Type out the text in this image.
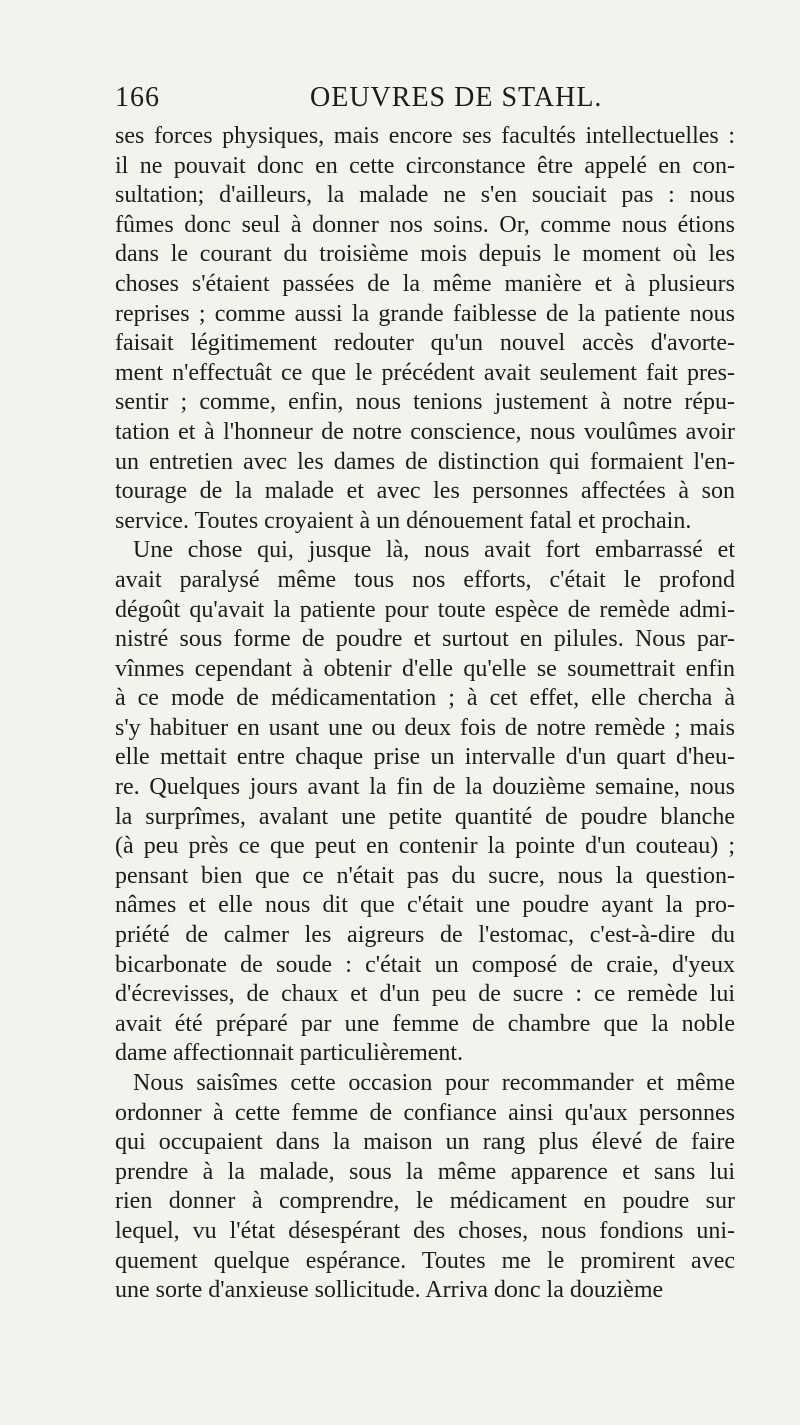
166	OEUVRES DE STAHL.
ses forces physiques, mais encore ses facultés intellectuelles :
il ne pouvait donc en cette circonstance être appelé en con-
sultation; d'ailleurs, la malade ne s'en souciait pas : nous
fûmes donc seul à donner nos soins. Or, comme nous étions
dans le courant du troisième mois depuis le moment où les
choses s'étaient passées de la même manière et à plusieurs
reprises ; comme aussi la grande faiblesse de la patiente nous
faisait légitimement redouter qu'un nouvel accès d'avorte-
ment n'effectuât ce que le précédent avait seulement fait pres-
sentir ; comme, enfin, nous tenions justement à notre répu-
tation et à l'honneur de notre conscience, nous voulûmes avoir
un entretien avec les dames de distinction qui formaient l'en-
tourage de la malade et avec les personnes affectées à son
service. Toutes croyaient à un dénouement fatal et prochain.
Une chose qui, jusque là, nous avait fort embarrassé et
avait paralysé même tous nos efforts, c'était le profond
dégoût qu'avait la patiente pour toute espèce de remède admi-
nistré sous forme de poudre et surtout en pilules. Nous par-
vînmes cependant à obtenir d'elle qu'elle se soumettrait enfin
à ce mode de médicamentation ; à cet effet, elle chercha à
s'y habituer en usant une ou deux fois de notre remède ; mais
elle mettait entre chaque prise un intervalle d'un quart d'heu-
re. Quelques jours avant la fin de la douzième semaine, nous
la surprîmes, avalant une petite quantité de poudre blanche
(à peu près ce que peut en contenir la pointe d'un couteau) ;
pensant bien que ce n'était pas du sucre, nous la question-
nâmes et elle nous dit que c'était une poudre ayant la pro-
priété de calmer les aigreurs de l'estomac, c'est-à-dire du
bicarbonate de soude : c'était un composé de craie, d'yeux
d'écrevisses, de chaux et d'un peu de sucre : ce remède lui
avait été préparé par une femme de chambre que la noble
dame affectionnait particulièrement.
Nous saisîmes cette occasion pour recommander et même
ordonner à cette femme de confiance ainsi qu'aux personnes
qui occupaient dans la maison un rang plus élevé de faire
prendre à la malade, sous la même apparence et sans lui
rien donner à comprendre, le médicament en poudre sur
lequel, vu l'état désespérant des choses, nous fondions uni-
quement quelque espérance. Toutes me le promirent avec
une sorte d'anxieuse sollicitude. Arriva donc la douzième
